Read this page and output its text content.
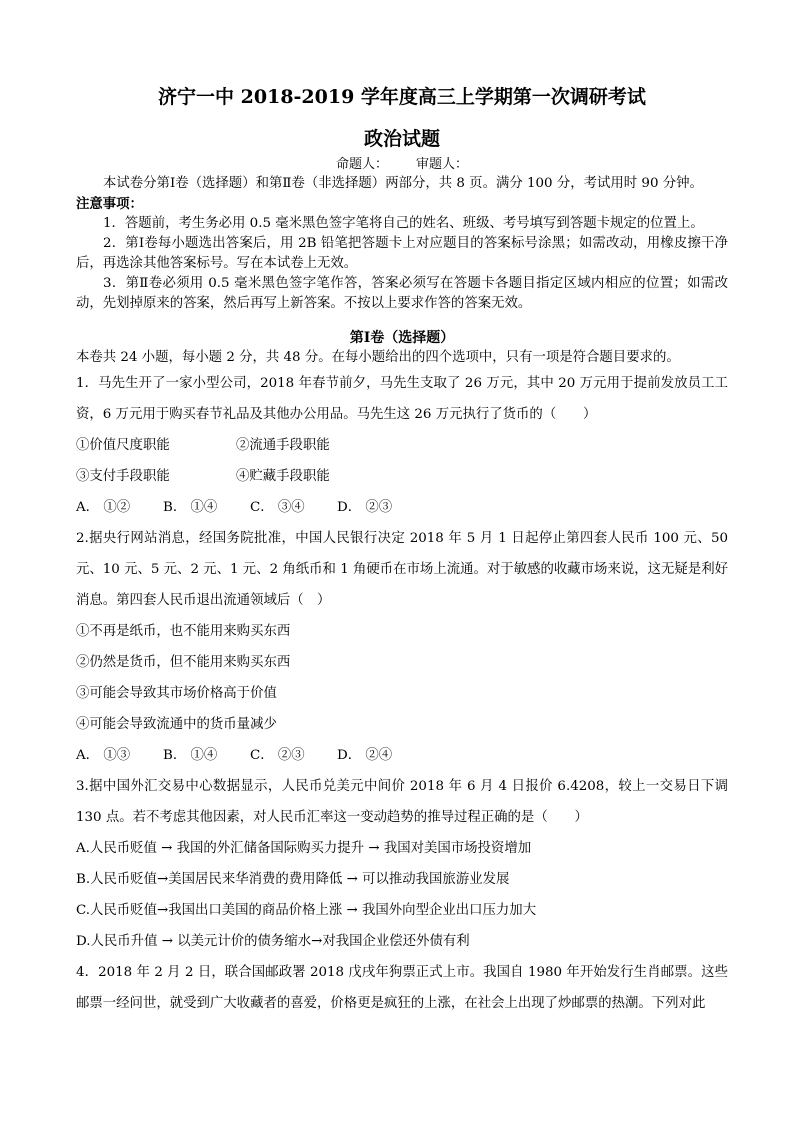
济宁一中 2018-2019 学年度高三上学期第一次调研考试
政治试题
命题人： 审题人：

本试卷分第Ⅰ卷（选择题）和第Ⅱ卷（非选择题）两部分，共 8 页。满分 100 分，考试用时 90 分钟。

注意事项：

1．答题前，考生务必用 0.5 毫米黑色签字笔将自己的姓名、班级、考号填写到答题卡规定的位置上。

2．第Ⅰ卷每小题选出答案后，用 2B 铅笔把答题卡上对应题目的答案标号涂黑；如需改动，用橡皮擦干净后，再选涂其他答案标号。写在本试卷上无效。

3．第Ⅱ卷必须用 0.5 毫米黑色签字笔作答，答案必须写在答题卡各题目指定区域内相应的位置；如需改动，先划掉原来的答案，然后再写上新答案。不按以上要求作答的答案无效。

第Ⅰ卷（选择题）

本卷共 24 小题，每小题 2 分，共 48 分。在每小题给出的四个选项中，只有一项是符合题目要求的。

1．马先生开了一家小型公司，2018 年春节前夕，马先生支取了 26 万元，其中 20 万元用于提前发放员工工资，6 万元用于购买春节礼品及其他办公用品。马先生这 26 万元执行了货币的（　　）

①价值尺度职能	②流通手段职能

③支付手段职能	④贮藏手段职能

A． ①② B． ①④ C． ③④ D． ②③

2.据央行网站消息，经国务院批准，中国人民银行决定 2018 年 5 月 1 日起停止第四套人民币 100 元、50 元、10 元、5 元、2 元、1 元、2 角纸币和 1 角硬币在市场上流通。对于敏感的收藏市场来说，这无疑是利好消息。第四套人民币退出流通领域后（　）

①不再是纸币，也不能用来购买东西

②仍然是货币，但不能用来购买东西

③可能会导致其市场价格高于价值

④可能会导致流通中的货币量减少

A． ①③ B． ①④ C． ②③ D． ②④

3.据中国外汇交易中心数据显示，人民币兑美元中间价 2018 年 6 月 4 日报价 6.4208，较上一交易日下调 130 点。若不考虑其他因素，对人民币汇率这一变动趋势的推导过程正确的是（　　）

A.人民币贬值 → 我国的外汇储备国际购买力提升 → 我国对美国市场投资增加

B.人民币贬值→美国居民来华消费的费用降低 → 可以推动我国旅游业发展

C.人民币贬值→我国出口美国的商品价格上涨 → 我国外向型企业出口压力加大

D.人民币升值 → 以美元计价的债务缩水→对我国企业偿还外债有利

4．2018 年 2 月 2 日，联合国邮政署 2018 戊戌年狗票正式上市。我国自 1980 年开始发行生肖邮票。这些邮票一经问世，就受到广大收藏者的喜爱，价格更是疯狂的上涨，在社会上出现了炒邮票的热潮。下列对此
